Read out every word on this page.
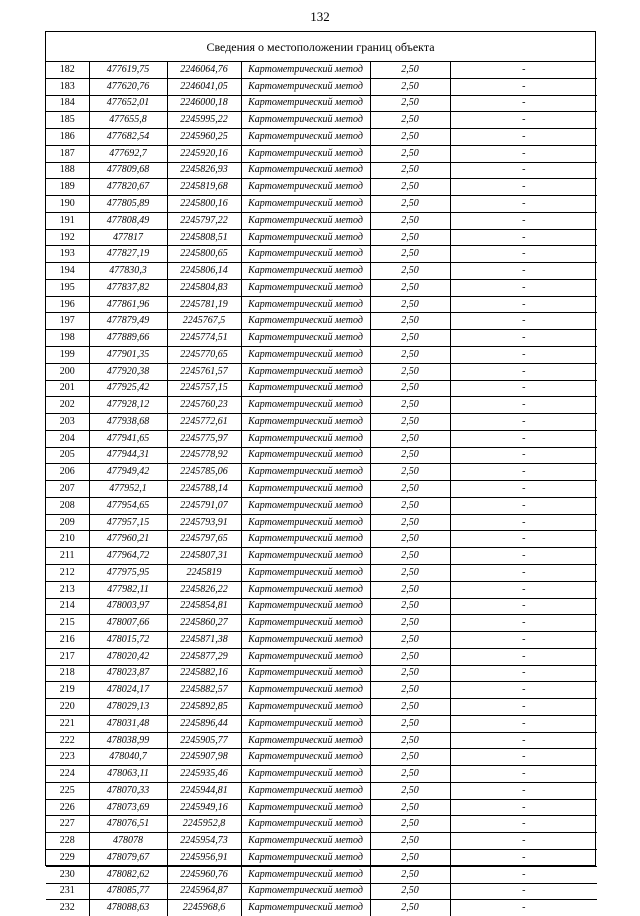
132
Сведения о местоположении границ объекта
182	477619,75	2246064,76	Картометрический метод	2,50		-
183	477620,76	2246041,05	Картометрический метод	2,50		-
184	477652,01	2246000,18	Картометрический метод	2,50		-
185	477655,8	2245995,22	Картометрический метод	2,50		-
186	477682,54	2245960,25	Картометрический метод	2,50		-
187	477692,7	2245920,16	Картометрический метод	2,50		-
188	477809,68	2245826,93	Картометрический метод	2,50		-
189	477820,67	2245819,68	Картометрический метод	2,50		-
190	477805,89	2245800,16	Картометрический метод	2,50		-
191	477808,49	2245797,22	Картометрический метод	2,50		-
192	477817	2245808,51	Картометрический метод	2,50		-
193	477827,19	2245800,65	Картометрический метод	2,50		-
194	477830,3	2245806,14	Картометрический метод	2,50		-
195	477837,82	2245804,83	Картометрический метод	2,50		-
196	477861,96	2245781,19	Картометрический метод	2,50		-
197	477879,49	2245767,5	Картометрический метод	2,50		-
198	477889,66	2245774,51	Картометрический метод	2,50		-
199	477901,35	2245770,65	Картометрический метод	2,50		-
200	477920,38	2245761,57	Картометрический метод	2,50		-
201	477925,42	2245757,15	Картометрический метод	2,50		-
202	477928,12	2245760,23	Картометрический метод	2,50		-
203	477938,68	2245772,61	Картометрический метод	2,50		-
204	477941,65	2245775,97	Картометрический метод	2,50		-
205	477944,31	2245778,92	Картометрический метод	2,50		-
206	477949,42	2245785,06	Картометрический метод	2,50		-
207	477952,1	2245788,14	Картометрический метод	2,50		-
208	477954,65	2245791,07	Картометрический метод	2,50		-
209	477957,15	2245793,91	Картометрический метод	2,50		-
210	477960,21	2245797,65	Картометрический метод	2,50		-
211	477964,72	2245807,31	Картометрический метод	2,50		-
212	477975,95	2245819	Картометрический метод	2,50		-
213	477982,11	2245826,22	Картометрический метод	2,50		-
214	478003,97	2245854,81	Картометрический метод	2,50		-
215	478007,66	2245860,27	Картометрический метод	2,50		-
216	478015,72	2245871,38	Картометрический метод	2,50		-
217	478020,42	2245877,29	Картометрический метод	2,50		-
218	478023,87	2245882,16	Картометрический метод	2,50		-
219	478024,17	2245882,57	Картометрический метод	2,50		-
220	478029,13	2245892,85	Картометрический метод	2,50		-
221	478031,48	2245896,44	Картометрический метод	2,50		-
222	478038,99	2245905,77	Картометрический метод	2,50		-
223	478040,7	2245907,98	Картометрический метод	2,50		-
224	478063,11	2245935,46	Картометрический метод	2,50		-
225	478070,33	2245944,81	Картометрический метод	2,50		-
226	478073,69	2245949,16	Картометрический метод	2,50		-
227	478076,51	2245952,8	Картометрический метод	2,50		-
228	478078	2245954,73	Картометрический метод	2,50		-
229	478079,67	2245956,91	Картометрический метод	2,50		-
230	478082,62	2245960,76	Картометрический метод	2,50		-
231	478085,77	2245964,87	Картометрический метод	2,50		-
232	478088,63	2245968,6	Картометрический метод	2,50		-
